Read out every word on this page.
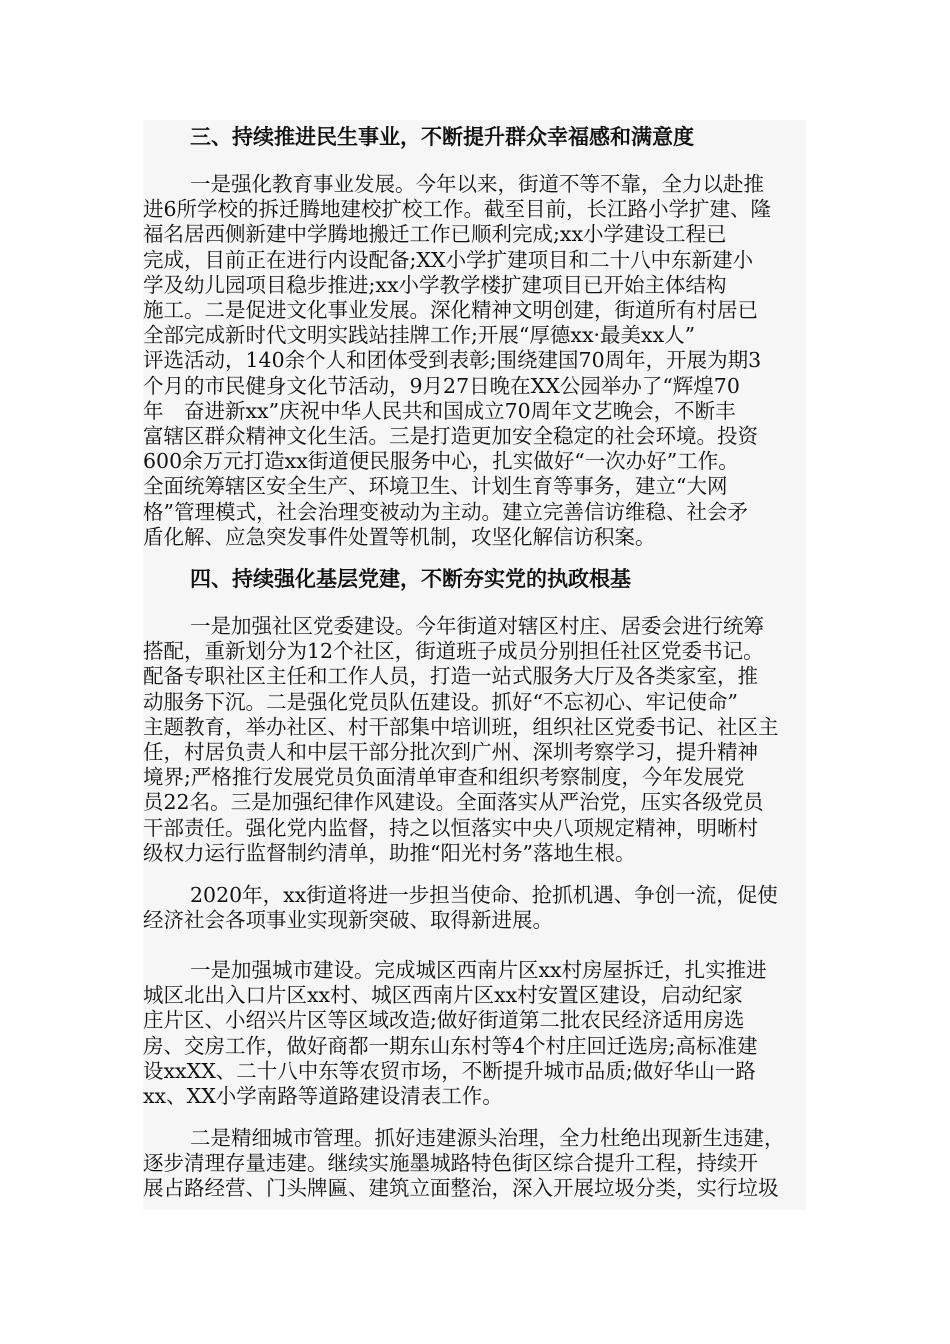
三、持续推进民生事业，不断提升群众幸福感和满意度
一是强化教育事业发展。今年以来，街道不等不靠，全力以赴推
进6所学校的拆迁腾地建校扩校工作。截至目前，长江路小学扩建、隆
福名居西侧新建中学腾地搬迁工作已顺利完成;xx小学建设工程已
完成，目前正在进行内设配备;XX小学扩建项目和二十八中东新建小
学及幼儿园项目稳步推进;xx小学教学楼扩建项目已开始主体结构
施工。二是促进文化事业发展。深化精神文明创建，街道所有村居已
全部完成新时代文明实践站挂牌工作;开展“厚德xx·最美xx人”
评选活动，140余个人和团体受到表彰;围绕建国70周年，开展为期3
个月的市民健身文化节活动，9月27日晚在XX公园举办了“辉煌70
年　奋进新xx”庆祝中华人民共和国成立70周年文艺晚会，不断丰
富辖区群众精神文化生活。三是打造更加安全稳定的社会环境。投资
600余万元打造xx街道便民服务中心，扎实做好“一次办好”工作。
全面统筹辖区安全生产、环境卫生、计划生育等事务，建立“大网
格”管理模式，社会治理变被动为主动。建立完善信访维稳、社会矛
盾化解、应急突发事件处置等机制，攻坚化解信访积案。
四、持续强化基层党建，不断夯实党的执政根基
一是加强社区党委建设。今年街道对辖区村庄、居委会进行统筹
搭配，重新划分为12个社区，街道班子成员分别担任社区党委书记。
配备专职社区主任和工作人员，打造一站式服务大厅及各类家室，推
动服务下沉。二是强化党员队伍建设。抓好“不忘初心、牢记使命”
主题教育，举办社区、村干部集中培训班，组织社区党委书记、社区主
任，村居负责人和中层干部分批次到广州、深圳考察学习，提升精神
境界;严格推行发展党员负面清单审查和组织考察制度，今年发展党
员22名。三是加强纪律作风建设。全面落实从严治党，压实各级党员
干部责任。强化党内监督，持之以恒落实中央八项规定精神，明晰村
级权力运行监督制约清单，助推“阳光村务”落地生根。
2020年，xx街道将进一步担当使命、抢抓机遇、争创一流，促使
经济社会各项事业实现新突破、取得新进展。
一是加强城市建设。完成城区西南片区xx村房屋拆迁，扎实推进
城区北出入口片区xx村、城区西南片区xx村安置区建设，启动纪家
庄片区、小绍兴片区等区域改造;做好街道第二批农民经济适用房选
房、交房工作，做好商都一期东山东村等4个村庄回迁选房;高标准建
设xxXX、二十八中东等农贸市场，不断提升城市品质;做好华山一路
xx、XX小学南路等道路建设清表工作。
二是精细城市管理。抓好违建源头治理，全力杜绝出现新生违建，
逐步清理存量违建。继续实施墨城路特色街区综合提升工程，持续开
展占路经营、门头牌匾、建筑立面整治，深入开展垃圾分类，实行垃圾
